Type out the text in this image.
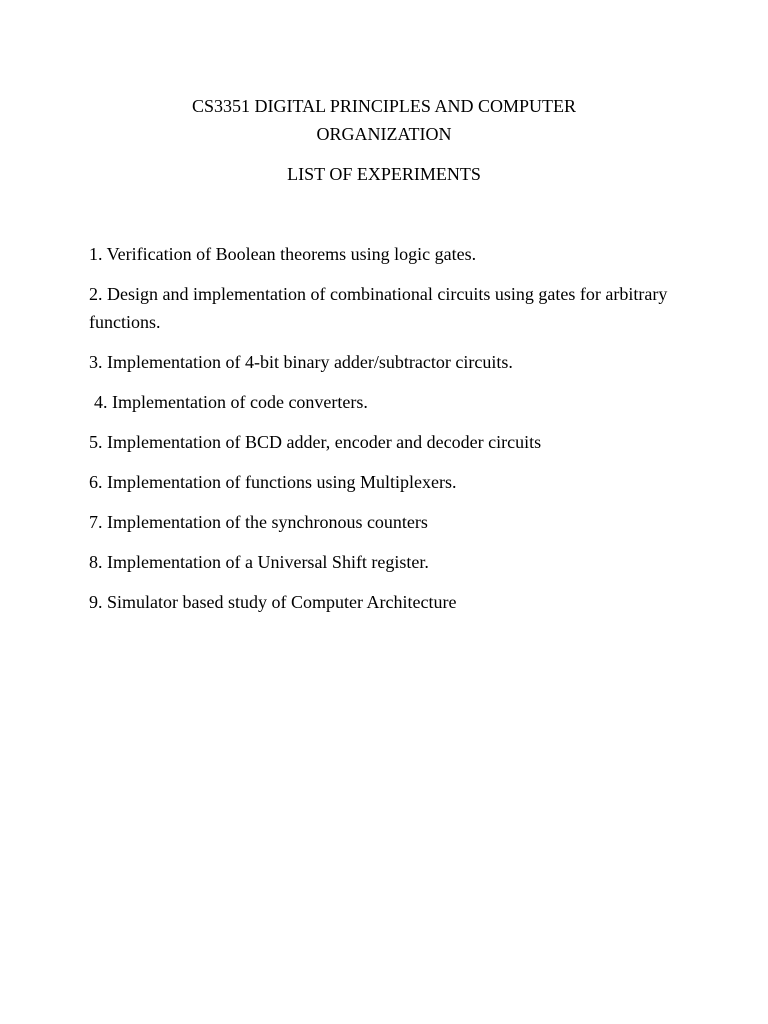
CS3351 DIGITAL PRINCIPLES AND COMPUTER
ORGANIZATION
LIST OF EXPERIMENTS
1. Verification of Boolean theorems using logic gates.
2. Design and implementation of combinational circuits using gates for arbitrary functions.
3. Implementation of 4-bit binary adder/subtractor circuits.
4. Implementation of code converters.
5. Implementation of BCD adder, encoder and decoder circuits
6. Implementation of functions using Multiplexers.
7. Implementation of the synchronous counters
8. Implementation of a Universal Shift register.
9. Simulator based study of Computer Architecture
